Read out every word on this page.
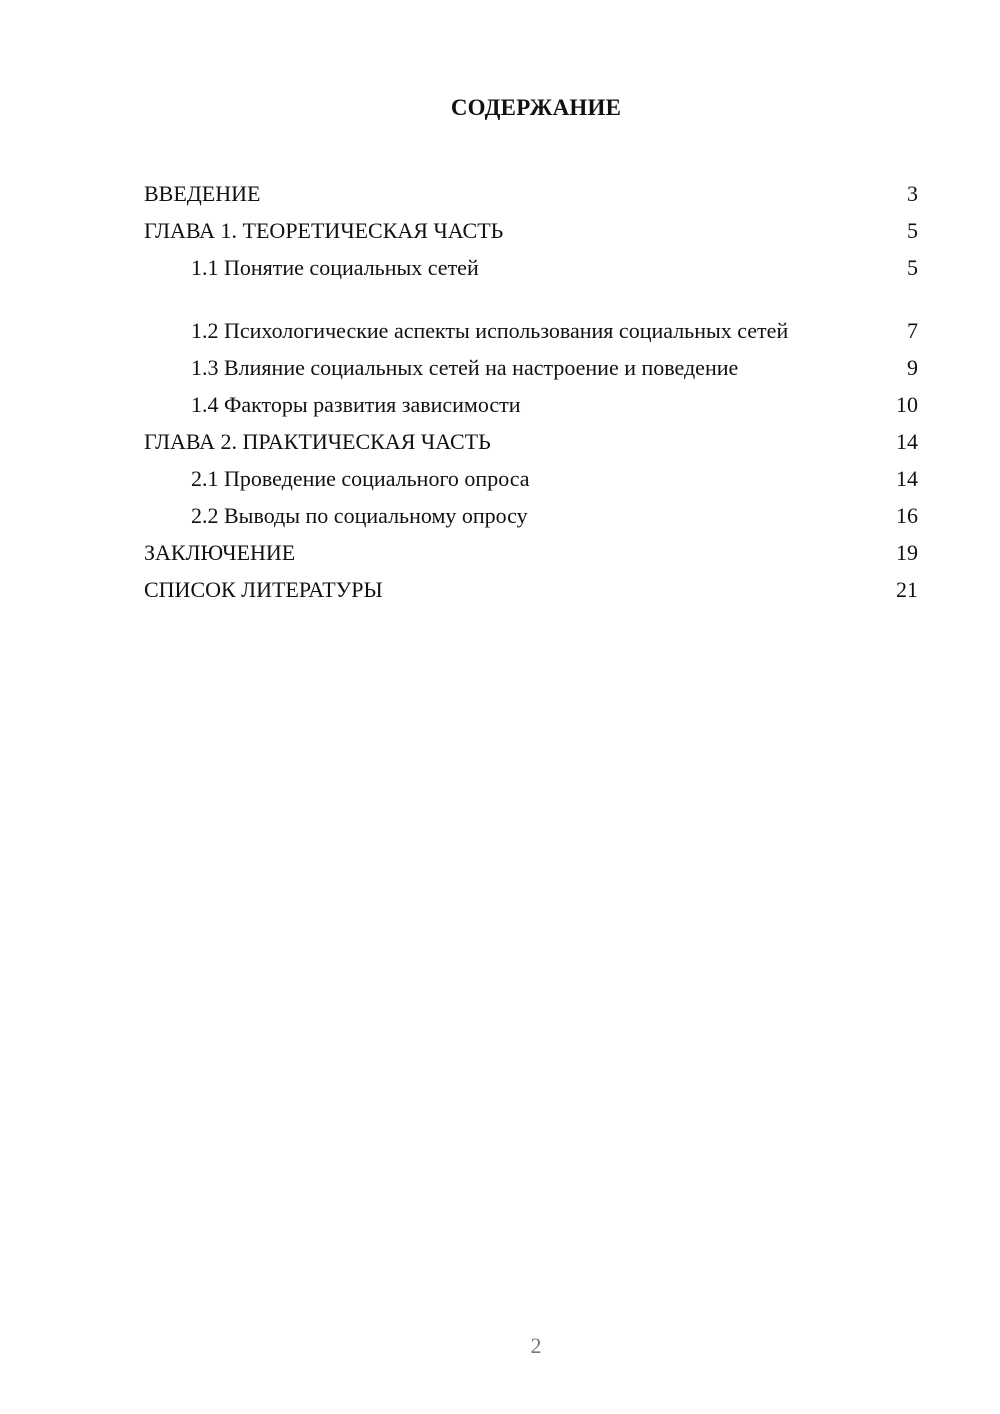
СОДЕРЖАНИЕ
ВВЕДЕНИЕ	3
ГЛАВА 1. ТЕОРЕТИЧЕСКАЯ ЧАСТЬ	5
1.1 Понятие социальных сетей	5
1.2 Психологические аспекты использования социальных сетей	7
1.3 Влияние социальных сетей на настроение и поведение	9
1.4 Факторы развития зависимости	10
ГЛАВА 2. ПРАКТИЧЕСКАЯ ЧАСТЬ	14
2.1 Проведение социального опроса	14
2.2 Выводы по социальному опросу	16
ЗАКЛЮЧЕНИЕ	19
СПИСОК ЛИТЕРАТУРЫ	21
2
